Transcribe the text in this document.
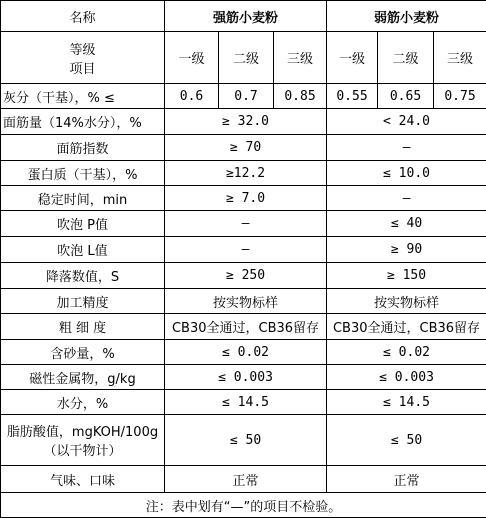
名称	强筋小麦粉			弱筋小麦粉		

等级
项目	一级	二级	三级	一级	二级	三级
灰分（干基），% ≤	0.6	0.7	0.85	0.55	0.65	0.75
面筋量（14%水分），%	≥ 32.0			< 24.0		
面筋指数	≥ 70			—		
蛋白质（干基），%	≥12.2			≤ 10.0		
稳定时间，min	≥ 7.0			—		
吹泡 P值	—			≤ 40		
吹泡 L值	—			≥ 90		
降落数值，S	≥ 250			≥ 150		
加工精度	按实物标样			按实物标样		
粗 细 度	CB30全通过，CB36留存			CB30全通过，CB36留存		
含砂量，%	≤ 0.02			≤ 0.02		
磁性金属物，g/kg	≤ 0.003			≤ 0.003		
水分，%	≤ 14.5			≤ 14.5		

脂肪酸值，mgKOH/100g
（以干物计）	≤ 50			≤ 50		
气味、口味	正常			正常		
注：表中划有“—”的项目不检验。						
